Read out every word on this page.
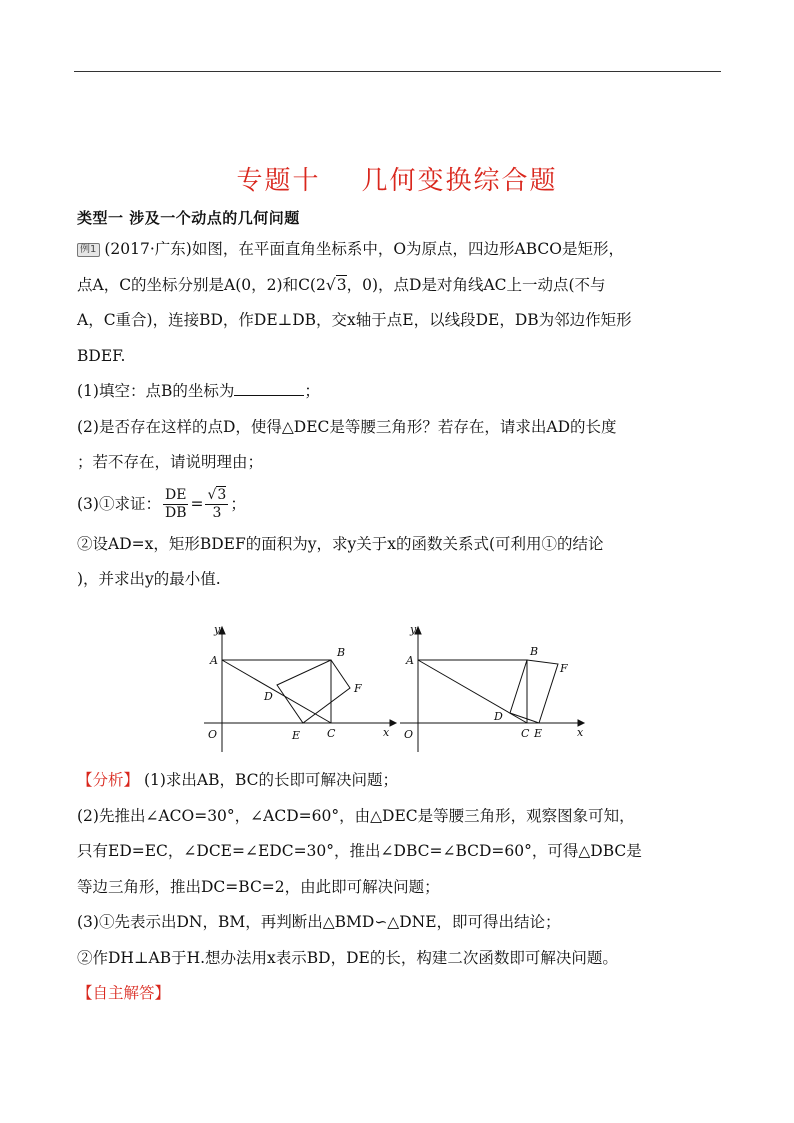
专题十    几何变换综合题
类型一 涉及一个动点的几何问题
例1 (2017·广东)如图，在平面直角坐标系中，O为原点，四边形ABCO是矩形，
点A，C的坐标分别是A(0，2)和C(2√3，0)，点D是对角线AC上一动点(不与
A，C重合)，连接BD，作DE⊥DB，交x轴于点E，以线段DE，DB为邻边作矩形
BDEF.
(1)填空：点B的坐标为	；
(2)是否存在这样的点D，使得△DEC是等腰三角形？若存在，请求出AD的长度
；若不存在，请说明理由；
(3)①求证： $\frac{DE}{DB} = \frac{√3}{3}$ ；
②设AD=x，矩形BDEF的面积为y，求y关于x的函数关系式(可利用①的结论
)，并求出y的最小值.
y
x
O
A
B
C
D
E
F
y
x
O
A
B
C
D
E
F
【分析】 (1)求出AB，BC的长即可解决问题；
(2)先推出∠ACO=30°，∠ACD=60°，由△DEC是等腰三角形，观察图象可知，
只有ED=EC，∠DCE=∠EDC=30°，推出∠DBC=∠BCD=60°，可得△DBC是
等边三角形，推出DC=BC=2，由此即可解决问题；
(3)①先表示出DN，BM，再判断出△BMD∽△DNE，即可得出结论；
②作DH⊥AB于H.想办法用x表示BD，DE的长，构建二次函数即可解决问题。
【自主解答】
